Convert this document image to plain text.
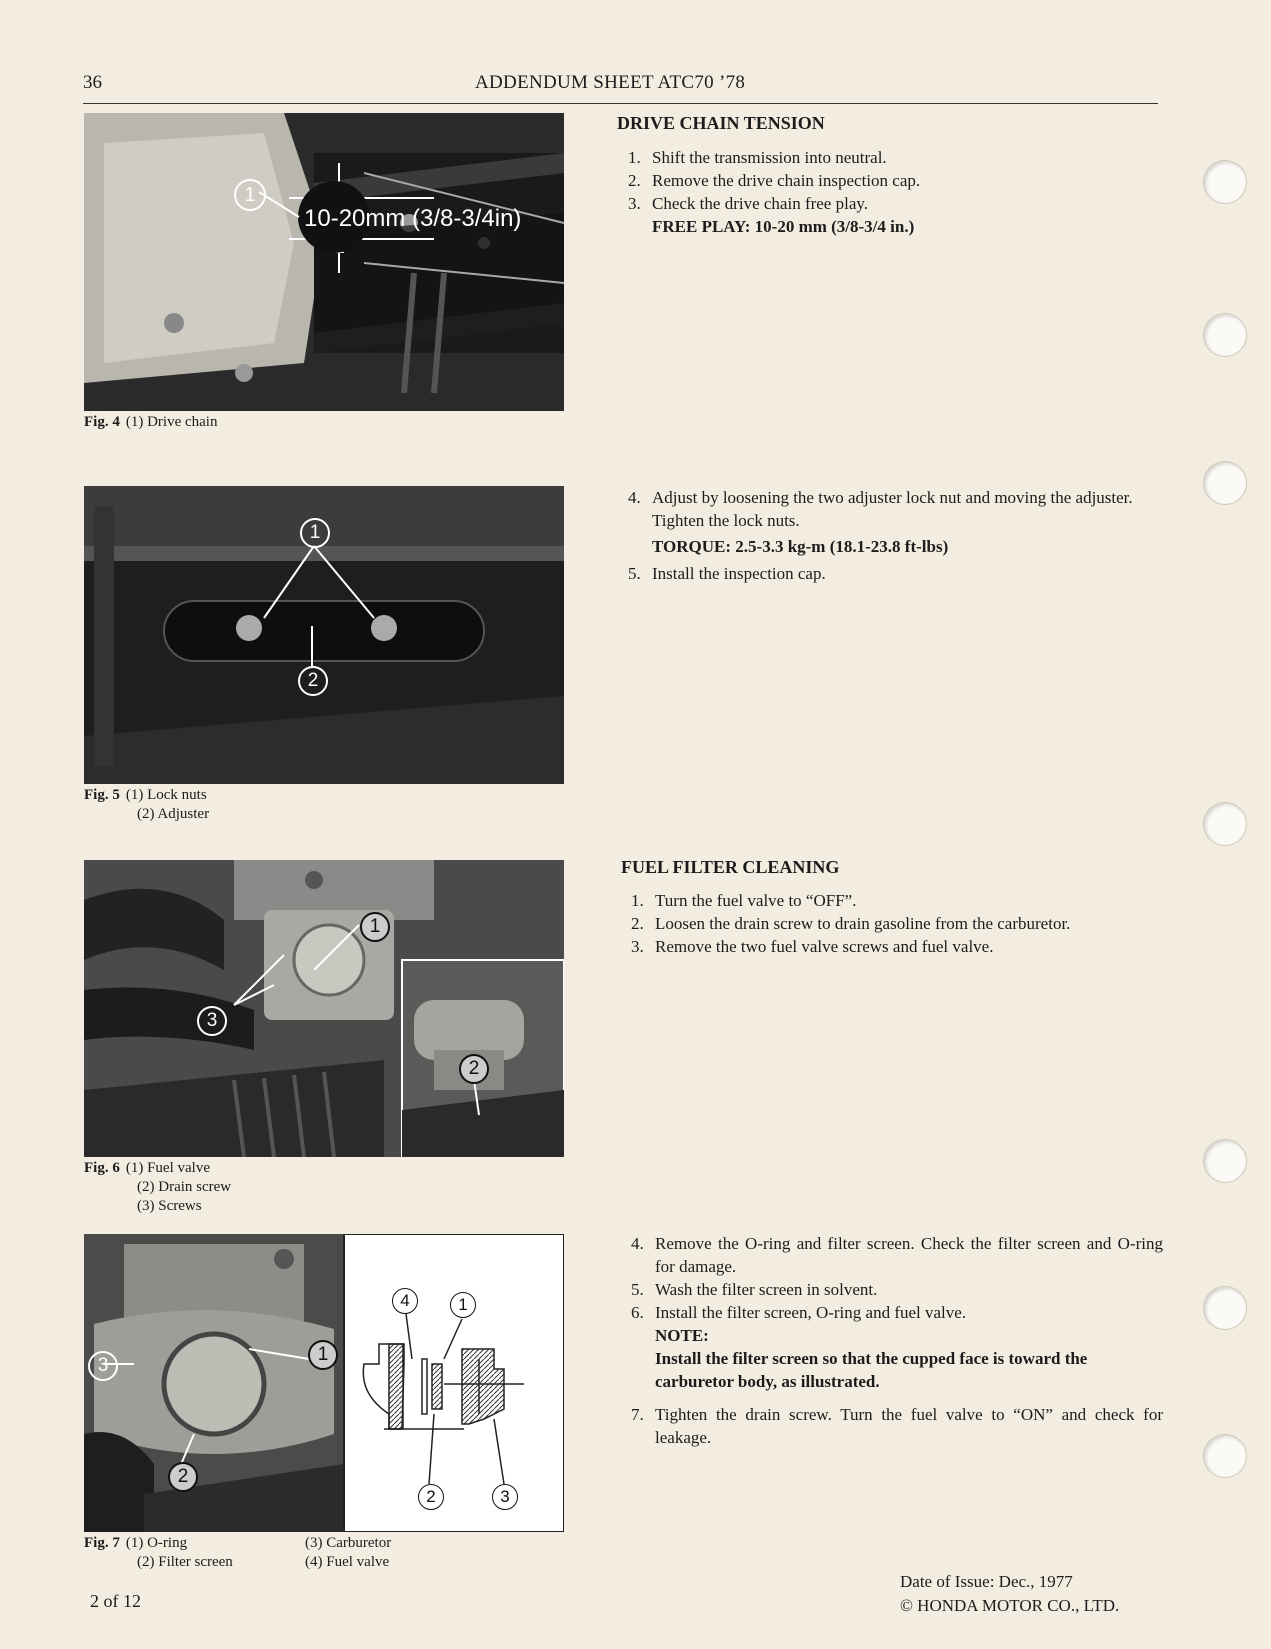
36	ADDENDUM SHEET ATC70 ’78
1
10-20mm (3/8-3/4in)
Fig. 4 (1) Drive chain
DRIVE CHAIN TENSION
1. Shift the transmission into neutral.
2. Remove the drive chain inspection cap.
3. Check the drive chain free play.
FREE PLAY: 10-20 mm (3/8-3/4 in.)
1
2
Fig. 5 (1) Lock nuts
(2) Adjuster
4. Adjust by loosening the two adjuster lock nut and moving the adjuster.
Tighten the lock nuts.
TORQUE: 2.5-3.3 kg-m (18.1-23.8 ft-lbs)
5. Install the inspection cap.
1
3
2
Fig. 6 (1) Fuel valve
(2) Drain screw
(3) Screws
FUEL FILTER CLEANING
1. Turn the fuel valve to “OFF”.
2. Loosen the drain screw to drain gasoline from the carburetor.
3. Remove the two fuel valve screws and fuel valve.
3
1
2
4	1
2	3
Fig. 7 (1) O-ring
(2) Filter screen
(3) Carburetor
(4) Fuel valve
4. Remove the O-ring and filter screen. Check the filter screen and O-ring for damage.
5. Wash the filter screen in solvent.
6. Install the filter screen, O-ring and fuel valve.
NOTE:
Install the filter screen so that the cupped face is toward the carburetor body, as illustrated.
7. Tighten the drain screw. Turn the fuel valve to “ON” and check for leakage.
2 of 12
Date of Issue: Dec., 1977
© HONDA MOTOR CO., LTD.
